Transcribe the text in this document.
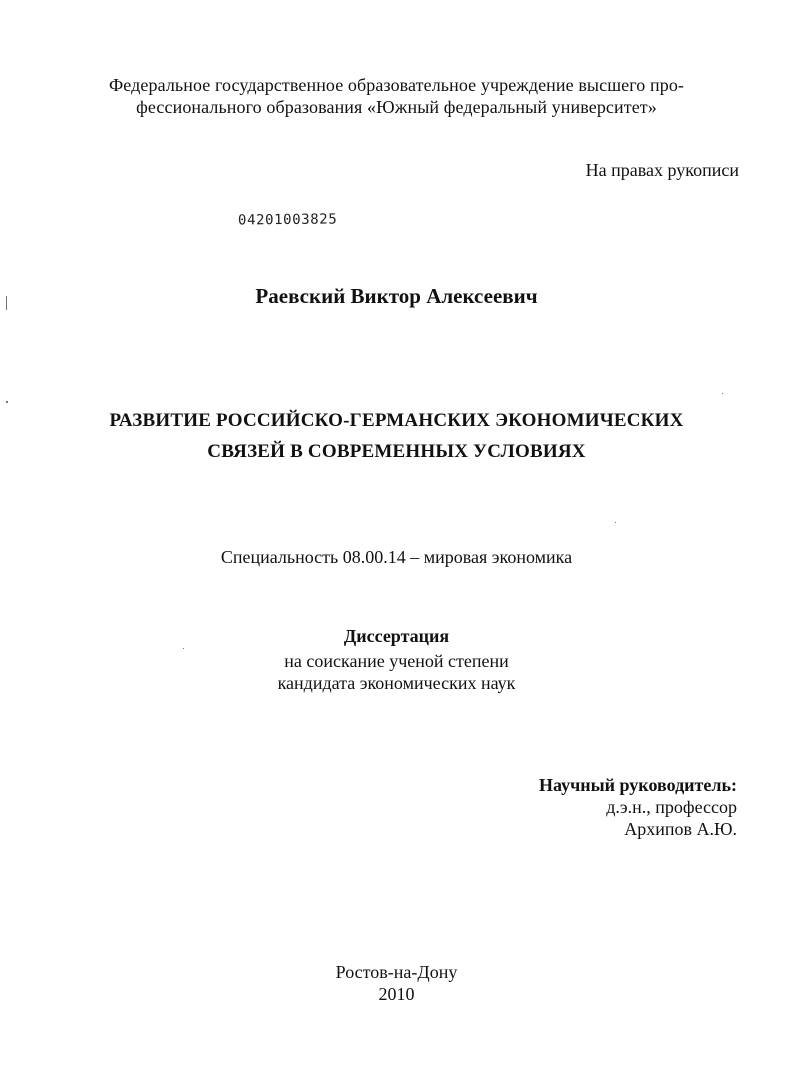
Федеральное государственное образовательное учреждение высшего про-
фессионального образования «Южный федеральный университет»
На правах рукописи
04201003825
Раевский Виктор Алексеевич
РАЗВИТИЕ РОССИЙСКО-ГЕРМАНСКИХ ЭКОНОМИЧЕСКИХ
СВЯЗЕЙ В СОВРЕМЕННЫХ УСЛОВИЯХ
Специальность 08.00.14 – мировая экономика
Диссертация
на соискание ученой степени
кандидата экономических наук
Научный руководитель:
д.э.н., профессор
Архипов А.Ю.
Ростов-на-Дону
2010
